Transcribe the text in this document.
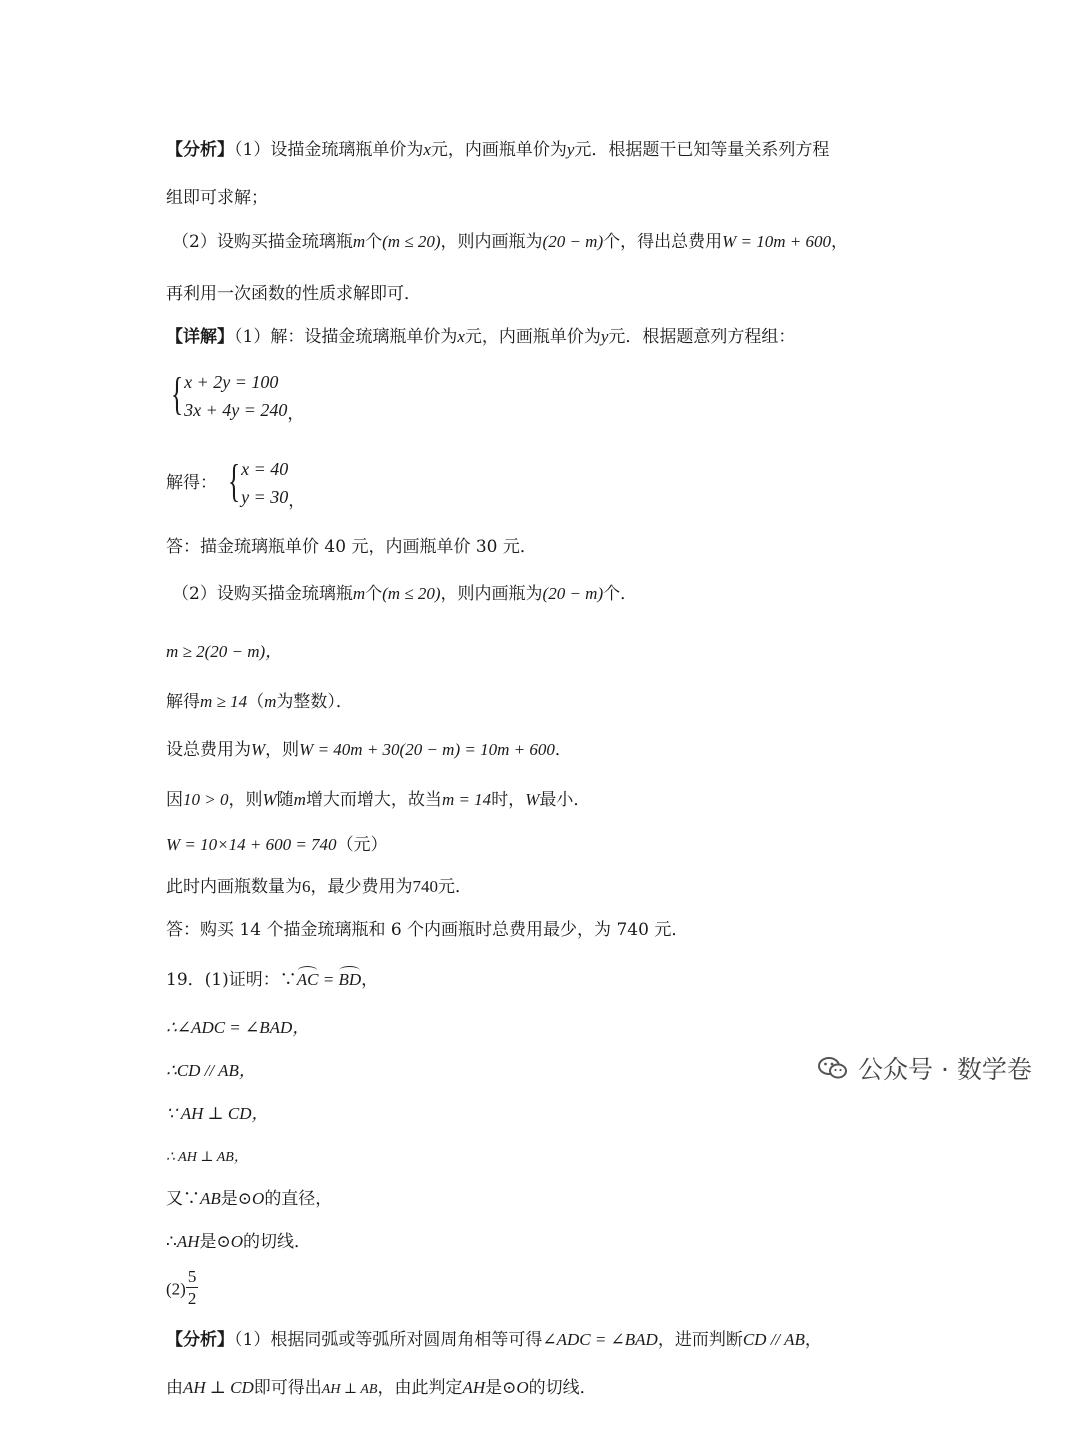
【分析】（1）设描金琉璃瓶单价为x元，内画瓶单价为y元．根据题干已知等量关系列方程
组即可求解；
（2）设购买描金琉璃瓶m个(m ≤ 20)，则内画瓶为(20 − m)个，得出总费用W = 10m + 600，
再利用一次函数的性质求解即可．
【详解】（1）解：设描金琉璃瓶单价为x元，内画瓶单价为y元．根据题意列方程组：
{ x + 2y = 100
3x + 4y = 240 ，
解得： { x = 40
y = 30 ，
答：描金琉璃瓶单价 40 元，内画瓶单价 30 元．
（2）设购买描金琉璃瓶m个(m ≤ 20)，则内画瓶为(20 − m)个．
m ≥ 2(20 − m)，
解得m ≥ 14（m为整数）．
设总费用为W，则W = 40m + 30(20 − m) = 10m + 600．
因10 > 0，则W随m增大而增大，故当m = 14时，W最小．
W = 10×14 + 600 = 740（元）
此时内画瓶数量为6，最少费用为740元．
答：购买 14 个描金琉璃瓶和 6 个内画瓶时总费用最少，为 740 元．
19．(1)证明：∵AC = BD，
∴∠ADC = ∠BAD，
∴CD // AB，
∵ AH ⊥ CD，
∴ AH ⊥ AB，
又∵AB是⊙O的直径，
∴AH是⊙O的切线．
$(2) \frac{5}{2}$
【分析】（1）根据同弧或等弧所对圆周角相等可得∠ADC = ∠BAD，进而判断CD // AB，
由AH ⊥ CD即可得出AH ⊥ AB，由此判定AH是⊙O的切线．
公众号 · 数学卷
